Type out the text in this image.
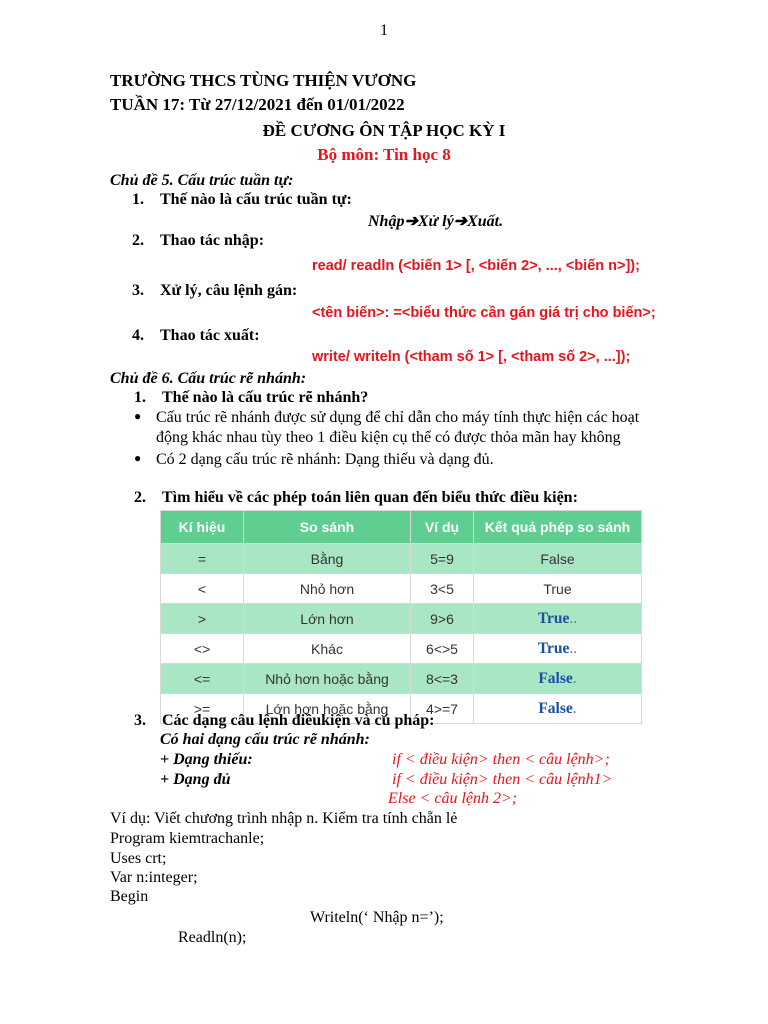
1
TRƯỜNG THCS TÙNG THIỆN VƯƠNG
TUẦN 17: Từ 27/12/2021 đến 01/01/2022
ĐỀ CƯƠNG ÔN TẬP HỌC KỲ I
Bộ môn: Tin học 8
Chủ đề 5. Cấu trúc tuần tự:
1. Thế nào là cấu trúc tuần tự:
Nhập➔Xử lý➔Xuất.
2. Thao tác nhập:
read/ readln (<biến 1> [, <biến 2>, ..., <biến n>]);
3. Xử lý, câu lệnh gán:
<tên biến>: =<biểu thức cần gán giá trị cho biến>;
4. Thao tác xuất:
write/ writeln (<tham số 1> [, <tham số 2>, ...]);
Chủ đề 6. Cấu trúc rẽ nhánh:
1. Thế nào là cấu trúc rẽ nhánh?
● Cấu trúc rẽ nhánh được sử dụng để chỉ dẫn cho máy tính thực hiện các hoạt
động khác nhau tùy theo 1 điều kiện cụ thể có được thỏa mãn hay không
● Có 2 dạng cấu trúc rẽ nhánh: Dạng thiếu và dạng đủ.
2. Tìm hiểu về các phép toán liên quan đến biểu thức điều kiện:
Kí hiệu	So sánh	Ví dụ	Kết quả phép so sánh
=	Bằng	5=9	False
<	Nhỏ hơn	3<5	True
>	Lớn hơn	9>6	True..
<>	Khác	6<>5	True..
<=	Nhỏ hơn hoặc bằng	8<=3	False.
>=	Lớn hơn hoặc bằng	4>=7	False.
3. Các dạng câu lệnh điềukiện và cú pháp:
Có hai dạng cấu trúc rẽ nhánh:
+ Dạng thiếu:	if < điều kiện> then < câu lệnh>;
+ Dạng đủ	if < điều kiện> then < câu lệnh1>
Else < câu lệnh 2>;
Ví dụ: Viết chương trình nhập n. Kiểm tra tính chẵn lẻ
Program kiemtrachanle;
Uses crt;
Var n:integer;
Begin
Writeln(‘ Nhập n=’);
Readln(n);
